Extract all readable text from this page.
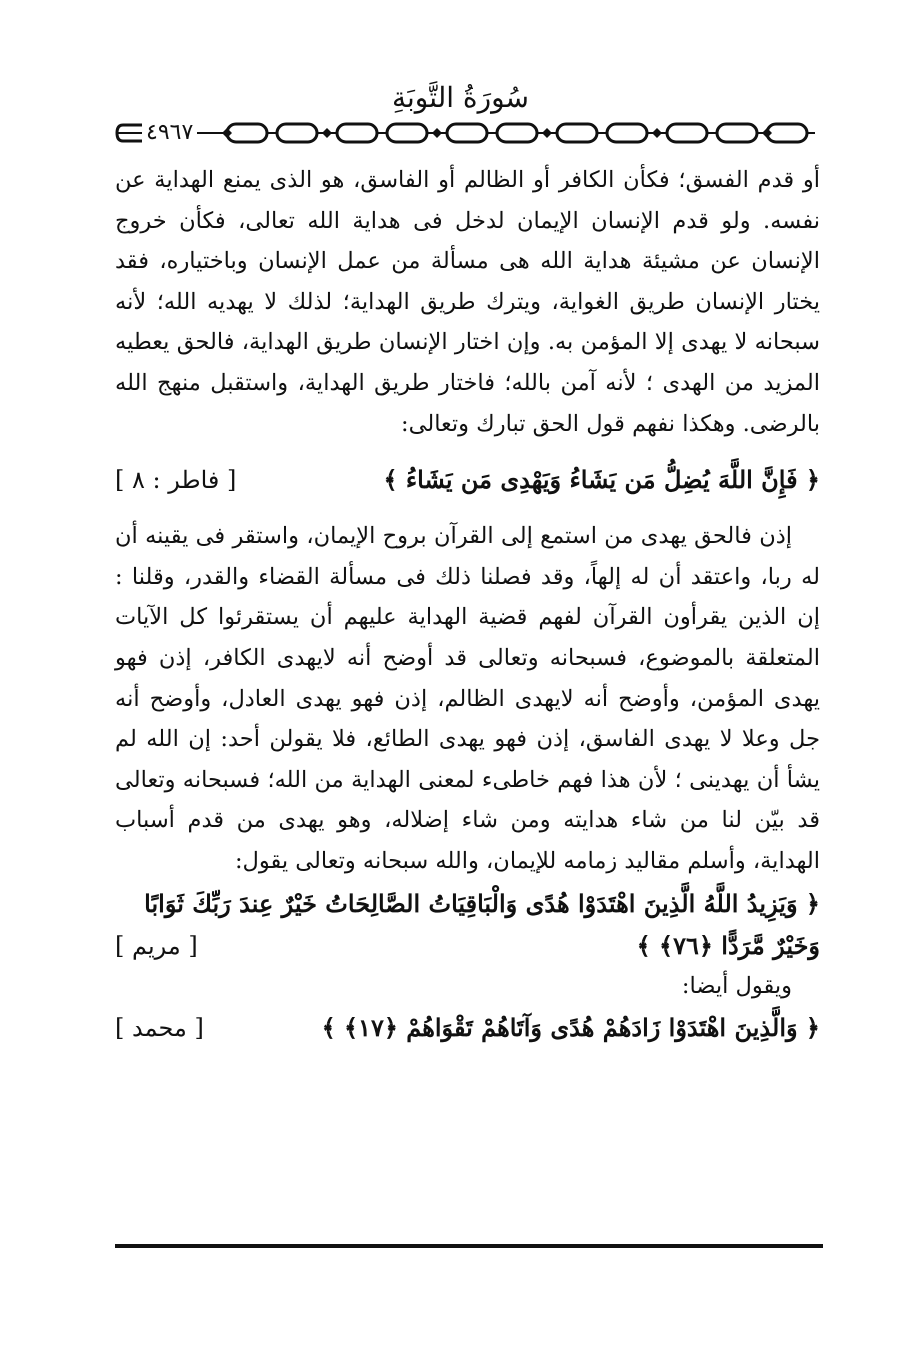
سُورَةُ التَّوبَةِ
٤٩٦٧

أو قدم الفسق؛ فكأن الكافر أو الظالم أو الفاسق، هو الذى يمنع الهداية عن نفسه. ولو قدم الإنسان الإيمان لدخل فى هداية الله تعالى، فكأن خروج الإنسان عن مشيئة هداية الله هى مسألة من عمل الإنسان وباختياره، فقد يختار الإنسان طريق الغواية، ويترك طريق الهداية؛ لذلك لا يهديه الله؛ لأنه سبحانه لا يهدى إلا المؤمن به. وإن اختار الإنسان طريق الهداية، فالحق يعطيه المزيد من الهدى ؛ لأنه آمن بالله؛ فاختار طريق الهداية، واستقبل منهج الله بالرضى. وهكذا نفهم قول الحق تبارك وتعالى:

﴿ فَإِنَّ اللَّهَ يُضِلُّ مَن يَشَاءُ وَيَهْدِى مَن يَشَاءُ ﴾
[ فاطر : ٨ ]

إذن فالحق يهدى من استمع إلى القرآن بروح الإيمان، واستقر فى يقينه أن له ربا، واعتقد أن له إلهاً، وقد فصلنا ذلك فى مسألة القضاء والقدر، وقلنا : إن الذين يقرأون القرآن لفهم قضية الهداية عليهم أن يستقرئوا كل الآيات المتعلقة بالموضوع، فسبحانه وتعالى قد أوضح أنه لايهدى الكافر، إذن فهو يهدى المؤمن، وأوضح أنه لايهدى الظالم، إذن فهو يهدى العادل، وأوضح أنه جل وعلا لا يهدى الفاسق، إذن فهو يهدى الطائع، فلا يقولن أحد: إن الله لم يشأ أن يهدينى ؛ لأن هذا فهم خاطىء لمعنى الهداية من الله؛ فسبحانه وتعالى قد بيّن لنا من شاء هدايته ومن شاء إضلاله، وهو يهدى من قدم أسباب الهداية، وأسلم مقاليد زمامه للإيمان، والله سبحانه وتعالى يقول:

﴿ وَيَزِيدُ اللَّهُ الَّذِينَ اهْتَدَوْا هُدًى وَالْبَاقِيَاتُ الصَّالِحَاتُ خَيْرٌ عِندَ رَبِّكَ ثَوَابًا
وَخَيْرٌ مَّرَدًّا ﴿٧٦﴾ ﴾
[ مريم ]

ويقول أيضا:

﴿ وَالَّذِينَ اهْتَدَوْا زَادَهُمْ هُدًى وَآتَاهُمْ تَقْوَاهُمْ ﴿١٧﴾ ﴾
[ محمد ]
